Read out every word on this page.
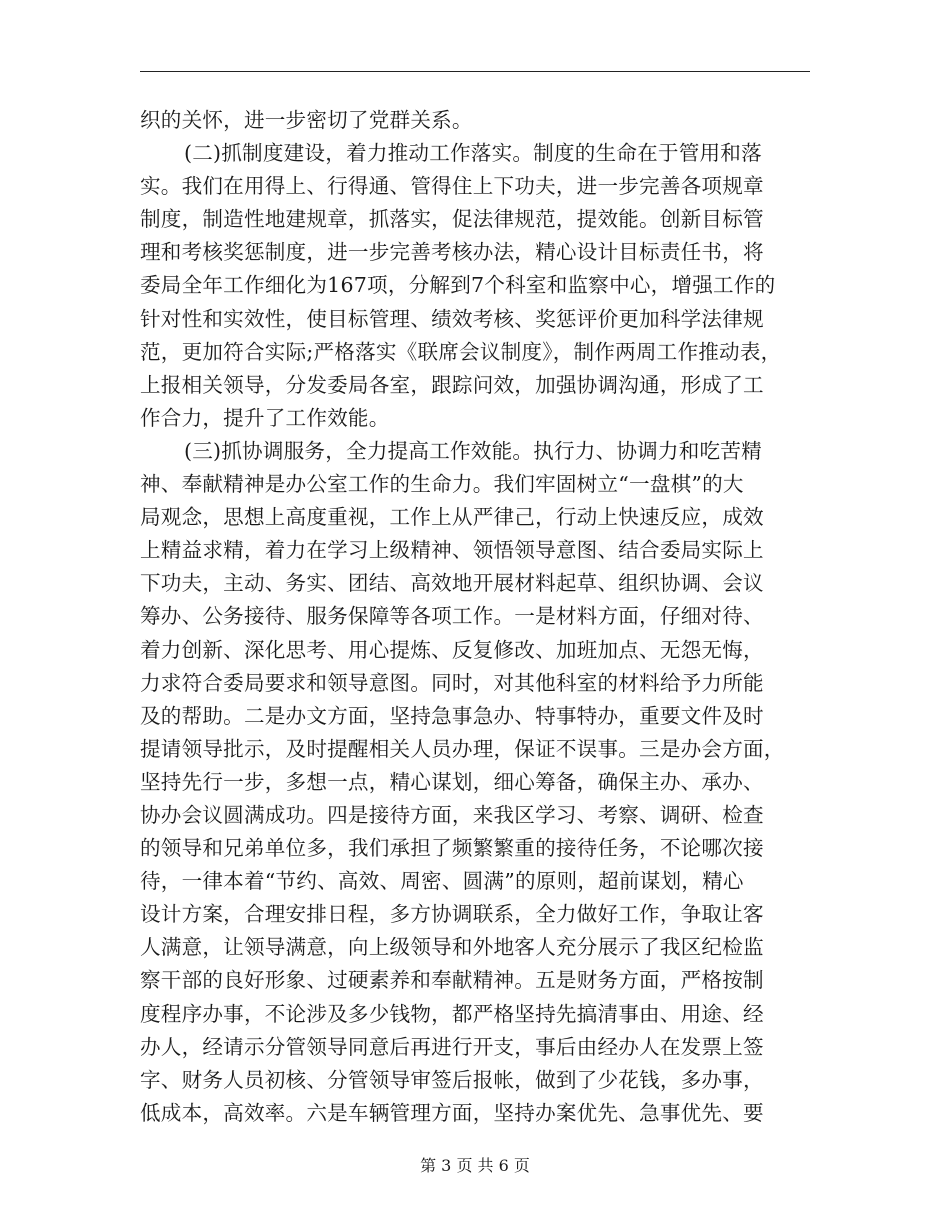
织的关怀，进一步密切了党群关系。
(二)抓制度建设，着力推动工作落实。制度的生命在于管用和落
实。我们在用得上、行得通、管得住上下功夫，进一步完善各项规章
制度，制造性地建规章，抓落实，促法律规范，提效能。创新目标管
理和考核奖惩制度，进一步完善考核办法，精心设计目标责任书，将
委局全年工作细化为167项，分解到7个科室和监察中心，增强工作的
针对性和实效性，使目标管理、绩效考核、奖惩评价更加科学法律规
范，更加符合实际;严格落实《联席会议制度》，制作两周工作推动表，
上报相关领导，分发委局各室，跟踪问效，加强协调沟通，形成了工
作合力，提升了工作效能。
(三)抓协调服务，全力提高工作效能。执行力、协调力和吃苦精
神、奉献精神是办公室工作的生命力。我们牢固树立“一盘棋”的大
局观念，思想上高度重视，工作上从严律己，行动上快速反应，成效
上精益求精，着力在学习上级精神、领悟领导意图、结合委局实际上
下功夫，主动、务实、团结、高效地开展材料起草、组织协调、会议
筹办、公务接待、服务保障等各项工作。一是材料方面，仔细对待、
着力创新、深化思考、用心提炼、反复修改、加班加点、无怨无悔，
力求符合委局要求和领导意图。同时，对其他科室的材料给予力所能
及的帮助。二是办文方面，坚持急事急办、特事特办，重要文件及时
提请领导批示，及时提醒相关人员办理，保证不误事。三是办会方面，
坚持先行一步，多想一点，精心谋划，细心筹备，确保主办、承办、
协办会议圆满成功。四是接待方面，来我区学习、考察、调研、检查
的领导和兄弟单位多，我们承担了频繁繁重的接待任务，不论哪次接
待，一律本着“节约、高效、周密、圆满”的原则，超前谋划，精心
设计方案，合理安排日程，多方协调联系，全力做好工作，争取让客
人满意，让领导满意，向上级领导和外地客人充分展示了我区纪检监
察干部的良好形象、过硬素养和奉献精神。五是财务方面，严格按制
度程序办事，不论涉及多少钱物，都严格坚持先搞清事由、用途、经
办人，经请示分管领导同意后再进行开支，事后由经办人在发票上签
字、财务人员初核、分管领导审签后报帐，做到了少花钱，多办事，
低成本，高效率。六是车辆管理方面，坚持办案优先、急事优先、要
第 3 页 共 6 页
